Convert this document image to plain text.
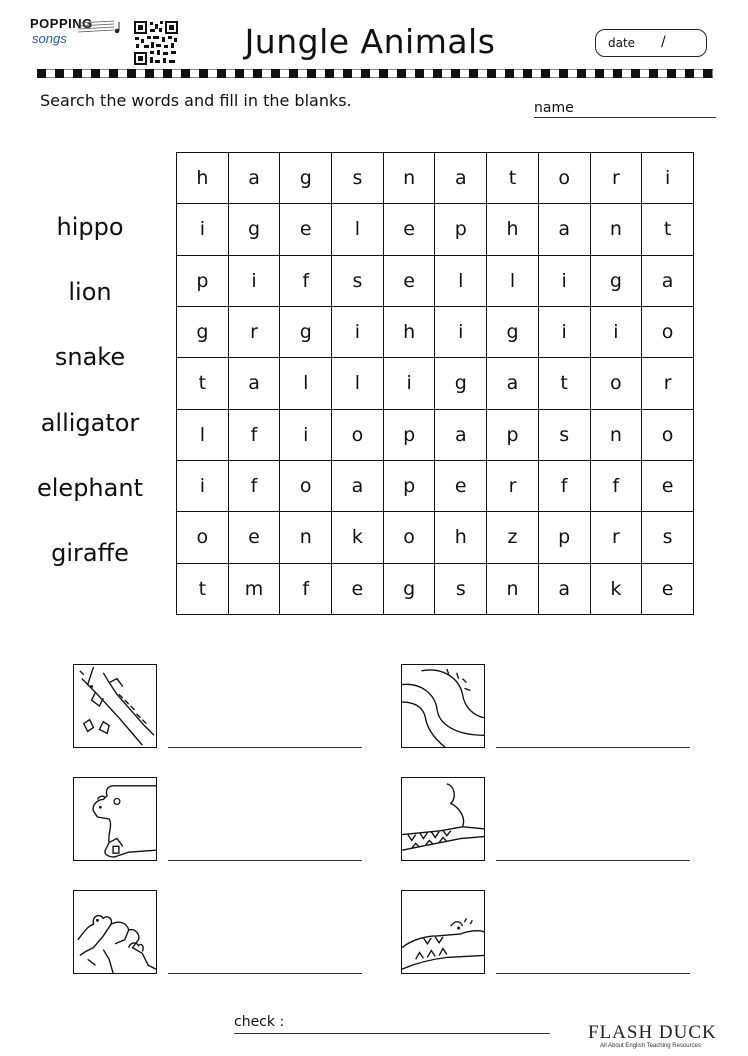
POPPING
songs	Jungle Animals	date /
Search the words and fill in the blanks.	name
hippo
lion
snake
alligator
elephant
giraffe
h	a	g	s	n	a	t	o	r	i
i	g	e	l	e	p	h	a	n	t
p	i	f	s	e	l	l	i	g	a
g	r	g	i	h	i	g	i	i	o
t	a	l	l	i	g	a	t	o	r
l	f	i	o	p	a	p	s	n	o
i	f	o	a	p	e	r	f	f	e
o	e	n	k	o	h	z	p	r	s
t	m	f	e	g	s	n	a	k	e
check :	FLASH DUCK
All About English Teaching Resources
